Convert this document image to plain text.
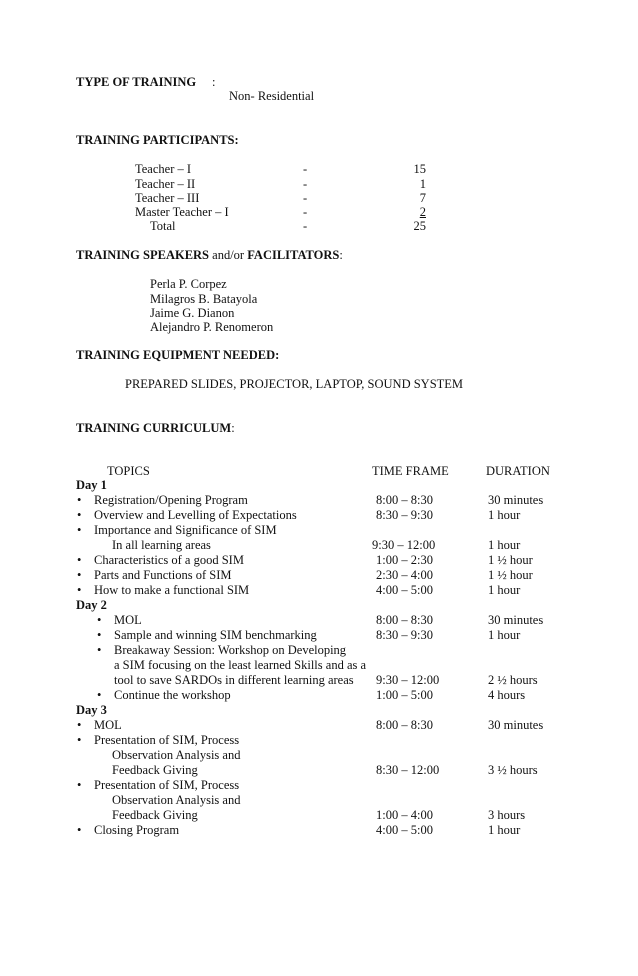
TYPE OF TRAINING :
Non- Residential
TRAINING PARTICIPANTS:
Teacher – I	-	15
Teacher – II	-	1
Teacher – III	-	7
Master Teacher – I	-	2
Total	-	25
TRAINING SPEAKERS and/or FACILITATORS:
Perla P. Corpez
Milagros B. Batayola
Jaime G. Dianon
Alejandro P. Renomeron
TRAINING EQUIPMENT NEEDED:
PREPARED SLIDES, PROJECTOR, LAPTOP, SOUND SYSTEM
TRAINING CURRICULUM:
TOPICS	TIME FRAME	DURATION
Day 1
• Registration/Opening Program	8:00 – 8:30	30 minutes
• Overview and Levelling of Expectations	8:30 – 9:30	1 hour
• Importance and Significance of SIM
In all learning areas	9:30 – 12:00	1 hour
• Characteristics of a good SIM	1:00 – 2:30	1 ½ hour
• Parts and Functions of SIM	2:30 – 4:00	1 ½ hour
• How to make a functional SIM	4:00 – 5:00	1 hour
Day 2
• MOL	8:00 – 8:30	30 minutes
• Sample and winning SIM benchmarking	8:30 – 9:30	1 hour
• Breakaway Session: Workshop on Developing
a SIM focusing on the least learned Skills and as a
tool to save SARDOs in different learning areas 9:30 – 12:00	2 ½ hours
• Continue the workshop	1:00 – 5:00	4 hours
Day 3
• MOL	8:00 – 8:30	30 minutes
• Presentation of SIM, Process
Observation Analysis and
Feedback Giving	8:30 – 12:00	3 ½ hours
• Presentation of SIM, Process
Observation Analysis and
Feedback Giving	1:00 – 4:00	3 hours
• Closing Program	4:00 – 5:00	1 hour
